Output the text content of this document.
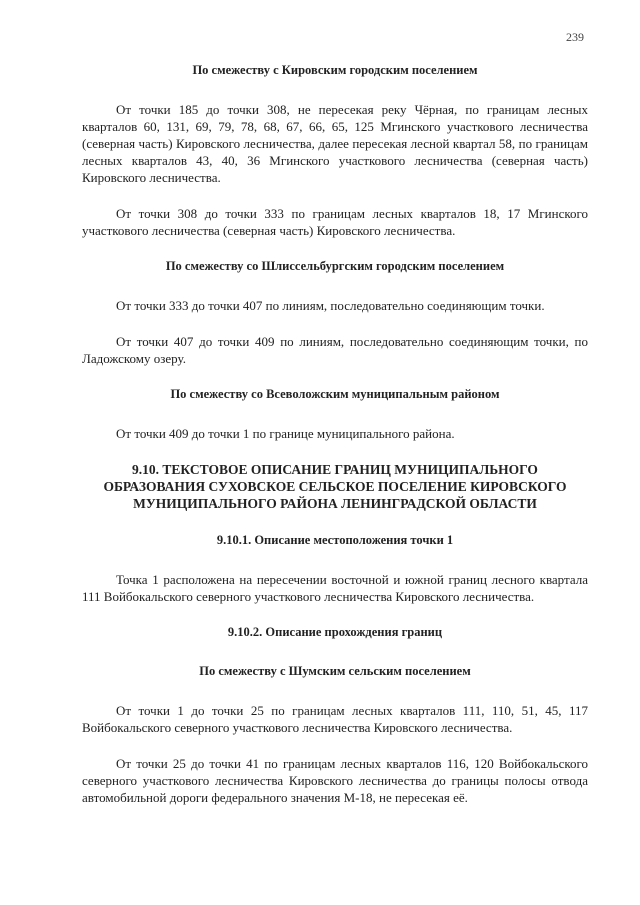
239
По смежеству с Кировским городским поселением

От точки 185 до точки 308, не пересекая реку Чёрная, по границам лесных кварталов 60, 131, 69, 79, 78, 68, 67, 66, 65, 125 Мгинского участкового лесничества (северная часть) Кировского лесничества, далее пересекая лесной квартал 58, по границам лесных кварталов 43, 40, 36 Мгинского участкового лесничества (северная часть) Кировского лесничества.

От точки 308 до точки 333 по границам лесных кварталов 18, 17 Мгинского участкового лесничества (северная часть) Кировского лесничества.

По смежеству со Шлиссельбургским городским поселением

От точки 333 до точки 407 по линиям, последовательно соединяющим точки.

От точки 407 до точки 409 по линиям, последовательно соединяющим точки, по Ладожскому озеру.

По смежеству со Всеволожским муниципальным районом

От точки 409 до точки 1 по границе муниципального района.

9.10. ТЕКСТОВОЕ ОПИСАНИЕ ГРАНИЦ МУНИЦИПАЛЬНОГО ОБРАЗОВАНИЯ СУХОВСКОЕ СЕЛЬСКОЕ ПОСЕЛЕНИЕ КИРОВСКОГО МУНИЦИПАЛЬНОГО РАЙОНА ЛЕНИНГРАДСКОЙ ОБЛАСТИ
9.10.1. Описание местоположения точки 1

Точка 1 расположена на пересечении восточной и южной границ лесного квартала 111 Войбокальского северного участкового лесничества Кировского лесничества.

9.10.2. Описание прохождения границ
По смежеству с Шумским сельским поселением

От точки 1 до точки 25 по границам лесных кварталов 111, 110, 51, 45, 117 Войбокальского северного участкового лесничества Кировского лесничества.

От точки 25 до точки 41 по границам лесных кварталов 116, 120 Войбокальского северного участкового лесничества Кировского лесничества до границы полосы отвода автомобильной дороги федерального значения М-18, не пересекая её.
